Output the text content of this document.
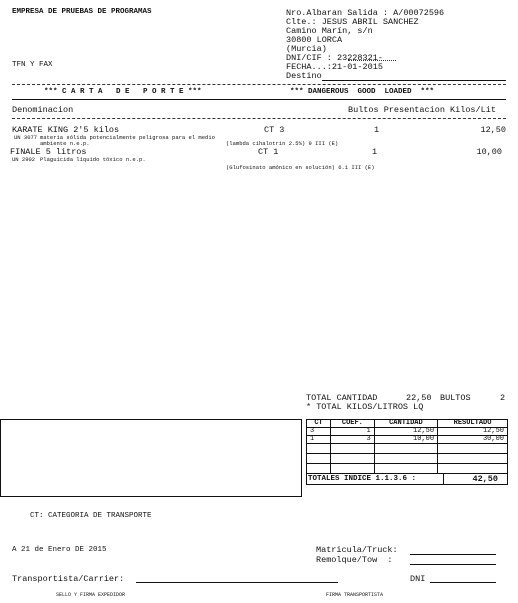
EMPRESA DE PRUEBAS DE PROGRAMAS
TFN Y FAX
Nro.Albaran Salida : A/00072596
Clte.: JESUS ABRIL SANCHEZ
Camino Marín, s/n
30800 LORCA
(Murcia)
DNI/CIF : 23228321-
FECHA...:21-01-2015
Destino
*** C A R T A   D E   P O R T E ***	*** DANGEROUS  GOOD  LOADED  ***
Denominacion	Bultos Presentacion Kilos/Lit
KARATE KING 2'5 kilos	CT 3	1	12,50
UN 3077 materia sólida potencialmente peligrosa para el medio
ambiente n.e.p.	(lambda cihalotrin 2.5%) 9 III (E)
FINALE 5 litros	CT 1	1	10,00
UN 2902 Plaguicida líquido tóxico n.e.p.
(Glufosinato amónico en solución) 6.1 III (E)
TOTAL CANTIDAD	22,50 BULTOS	2
* TOTAL KILOS/LITROS LQ
CT	COEF.	CANTIDAD	RESULTADO
3	1	12,50	12,50
1	3	10,00	30,00

TOTALES INDICE 1.1.3.6 :	42,50
CT: CATEGORIA DE TRANSPORTE
A 21 de Enero DE 2015	Matricula/Truck:
Remolque/Tow  :
Transportista/Carrier:	DNI
SELLO Y FIRMA EXPEDIDOR	FIRMA TRANSPORTISTA
